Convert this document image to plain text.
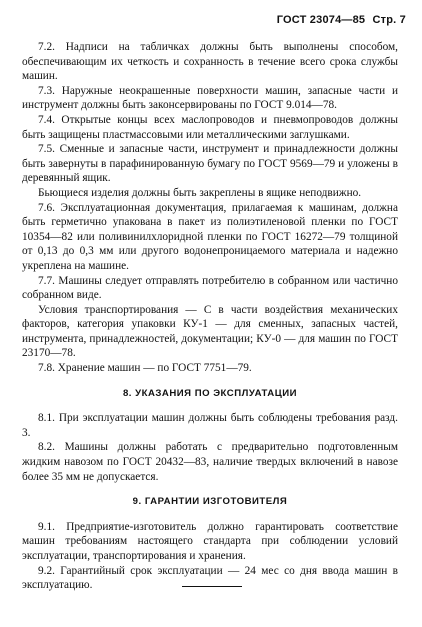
ГОСТ 23074—85 Стр. 7

7.2. Надписи на табличках должны быть выполнены способом, обеспечивающим их четкость и сохранность в течение всего срока службы машин.

7.3. Наружные неокрашенные поверхности машин, запасные части и инструмент должны быть законсервированы по ГОСТ 9.014—78.

7.4. Открытые концы всех маслопроводов и пневмопроводов должны быть защищены пластмассовыми или металлическими заглушками.

7.5. Сменные и запасные части, инструмент и принадлежности должны быть завернуты в парафинированную бумагу по ГОСТ 9569—79 и уложены в деревянный ящик.

Бьющиеся изделия должны быть закреплены в ящике неподвижно.

7.6. Эксплуатационная документация, прилагаемая к машинам, должна быть герметично упакована в пакет из полиэтиленовой пленки по ГОСТ 10354—82 или поливинилхлоридной пленки по ГОСТ 16272—79 толщиной от 0,13 до 0,3 мм или другого водонепроницаемого материала и надежно укреплена на машине.

7.7. Машины следует отправлять потребителю в собранном или частично собранном виде.

Условия транспортирования — С в части воздействия механических факторов, категория упаковки КУ-1 — для сменных, запасных частей, инструмента, принадлежностей, документации; КУ-0 — для машин по ГОСТ 23170—78.

7.8. Хранение машин — по ГОСТ 7751—79.

8. УКАЗАНИЯ ПО ЭКСПЛУАТАЦИИ

8.1. При эксплуатации машин должны быть соблюдены требования разд. 3.

8.2. Машины должны работать с предварительно подготовленным жидким навозом по ГОСТ 20432—83, наличие твердых включений в навозе более 35 мм не допускается.

9. ГАРАНТИИ ИЗГОТОВИТЕЛЯ

9.1. Предприятие-изготовитель должно гарантировать соответствие машин требованиям настоящего стандарта при соблюдении условий эксплуатации, транспортирования и хранения.

9.2. Гарантийный срок эксплуатации — 24 мес со дня ввода машин в эксплуатацию.
